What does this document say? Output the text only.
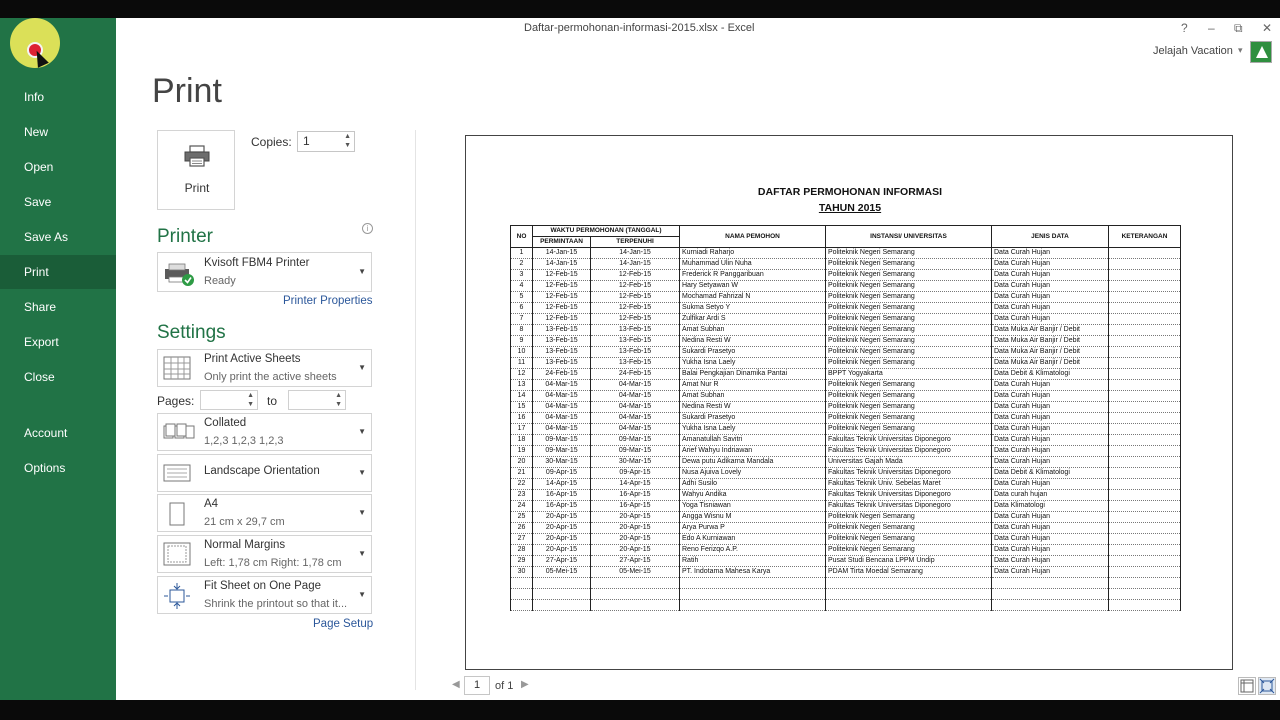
Info
New
Open
Save
Save As
Print
Share
Export
Close
Account
Options
Daftar-permohonan-informasi-2015.xlsx - Excel	? – ⧉ ✕
Jelajah Vacation ▾
Print
Print
Copies: 1	▲
▼
Printer	i
Kvisoft FBM4 Printer
Ready
▼
Printer Properties
Settings
Print Active Sheets
Only print the active sheets
▼
Pages:	▲
▼ to	▲
▼
Collated
1,2,3 1,2,3 1,2,3
▼
Landscape Orientation	▼
A4
21 cm x 29,7 cm
▼
Normal Margins
Left: 1,78 cm Right: 1,78 cm
▼
Fit Sheet on One Page
Shrink the printout so that it...
▼
Page Setup
DAFTAR PERMOHONAN INFORMASI
TAHUN 2015
NO	WAKTU PERMOHONAN (TANGGAL)		NAMA PEMOHON	INSTANSI/ UNIVERSITAS	JENIS DATA	KETERANGAN
	PERMINTAAN	TERPENUHI				
1	14-Jan-15	14-Jan-15	Kurniadi Raharjo	Politeknik Negeri Semarang	Data Curah Hujan	
2	14-Jan-15	14-Jan-15	Muhammad Ulin Nuha	Politeknik Negeri Semarang	Data Curah Hujan	
3	12-Feb-15	12-Feb-15	Frederick R Panggaribuan	Politeknik Negeri Semarang	Data Curah Hujan	
4	12-Feb-15	12-Feb-15	Hary Setyawan W	Politeknik Negeri Semarang	Data Curah Hujan	
5	12-Feb-15	12-Feb-15	Mochamad Fahrizal N	Politeknik Negeri Semarang	Data Curah Hujan	
6	12-Feb-15	12-Feb-15	Sukma Setyo Y	Politeknik Negeri Semarang	Data Curah Hujan	
7	12-Feb-15	12-Feb-15	Zulfikar Ardi S	Politeknik Negeri Semarang	Data Curah Hujan	
8	13-Feb-15	13-Feb-15	Amat Subhan	Politeknik Negeri Semarang	Data Muka Air Banjir / Debit	
9	13-Feb-15	13-Feb-15	Nedina Resti W	Politeknik Negeri Semarang	Data Muka Air Banjir / Debit	
10	13-Feb-15	13-Feb-15	Sukardi Prasetyo	Politeknik Negeri Semarang	Data Muka Air Banjir / Debit	
11	13-Feb-15	13-Feb-15	Yukha Isna Laely	Politeknik Negeri Semarang	Data Muka Air Banjir / Debit	
12	24-Feb-15	24-Feb-15	Balai Pengkajian Dinamika Pantai	BPPT Yogyakarta	Data Debit & Klimatologi	
13	04-Mar-15	04-Mar-15	Amat Nur R	Politeknik Negeri Semarang	Data Curah Hujan	
14	04-Mar-15	04-Mar-15	Amat Subhan	Politeknik Negeri Semarang	Data Curah Hujan	
15	04-Mar-15	04-Mar-15	Nedina Resti W	Politeknik Negeri Semarang	Data Curah Hujan	
16	04-Mar-15	04-Mar-15	Sukardi Prasetyo	Politeknik Negeri Semarang	Data Curah Hujan	
17	04-Mar-15	04-Mar-15	Yukha Isna Laely	Politeknik Negeri Semarang	Data Curah Hujan	
18	09-Mar-15	09-Mar-15	Amanatullah Savitri	Fakultas Teknik Universitas Diponegoro	Data Curah Hujan	
19	09-Mar-15	09-Mar-15	Arief Wahyu Indriawan	Fakultas Teknik Universitas Diponegoro	Data Curah Hujan	
20	30-Mar-15	30-Mar-15	Dewa putu Adikarna Mandala	Universitas Gajah Mada	Data Curah Hujan	
21	09-Apr-15	09-Apr-15	Nusa Ajuiva Lovely	Fakultas Teknik Universitas Diponegoro	Data Debit & Klimatologi	
22	14-Apr-15	14-Apr-15	Adhi Susilo	Fakultas Teknik Univ. Sebelas Maret	Data Curah Hujan	
23	16-Apr-15	16-Apr-15	Wahyu Andika	Fakultas Teknik Universitas Diponegoro	Data curah hujan	
24	16-Apr-15	16-Apr-15	Yoga Tisniawan	Fakultas Teknik Universitas Diponegoro	Data Klimatologi	
25	20-Apr-15	20-Apr-15	Angga Wisnu M	Politeknik Negeri Semarang	Data Curah Hujan	
26	20-Apr-15	20-Apr-15	Arya Purwa P	Politeknik Negeri Semarang	Data Curah Hujan	
27	20-Apr-15	20-Apr-15	Edo A Kurniawan	Politeknik Negeri Semarang	Data Curah Hujan	
28	20-Apr-15	20-Apr-15	Reno Ferizqo A.P.	Politeknik Negeri Semarang	Data Curah Hujan	
29	27-Apr-15	27-Apr-15	Ratih	Pusat Studi Bencana LPPM Undip	Data Curah Hujan	
30	05-Mei-15	05-Mei-15	PT. Indotama Mahesa Karya	PDAM Tirta Moedal Semarang	Data Curah Hujan	

◀	1	of 1 ▶
